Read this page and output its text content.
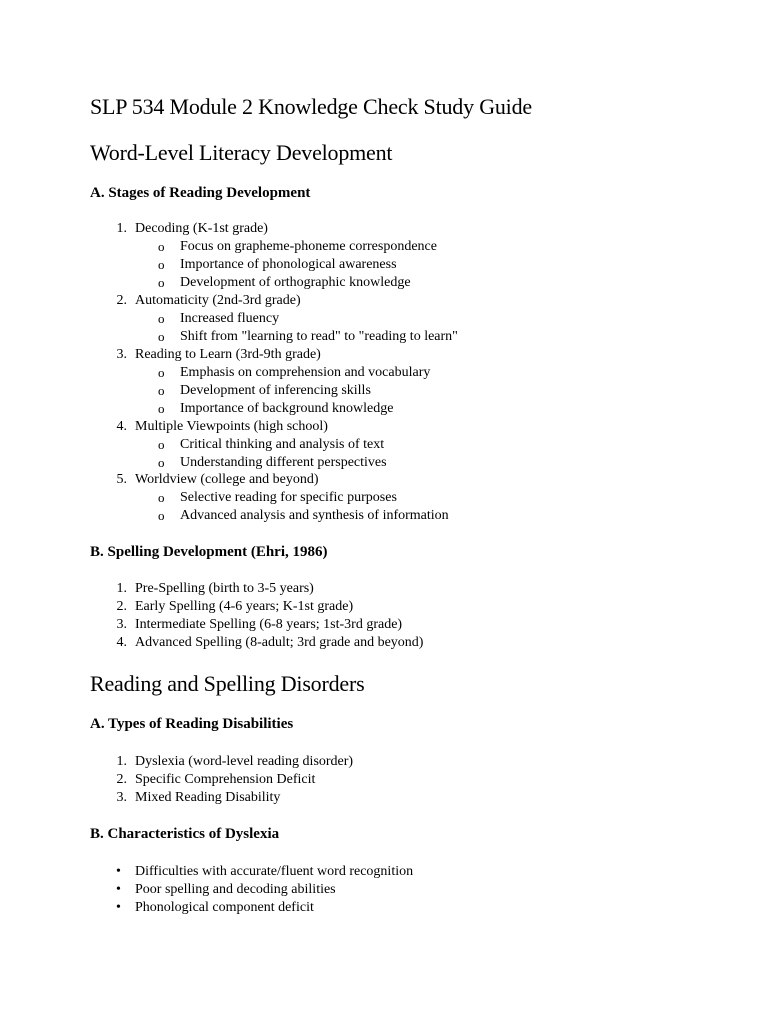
SLP 534 Module 2 Knowledge Check Study Guide
Word-Level Literacy Development
A. Stages of Reading Development
1. Decoding (K-1st grade)
o Focus on grapheme-phoneme correspondence
o Importance of phonological awareness
o Development of orthographic knowledge
2. Automaticity (2nd-3rd grade)
o Increased fluency
o Shift from "learning to read" to "reading to learn"
3. Reading to Learn (3rd-9th grade)
o Emphasis on comprehension and vocabulary
o Development of inferencing skills
o Importance of background knowledge
4. Multiple Viewpoints (high school)
o Critical thinking and analysis of text
o Understanding different perspectives
5. Worldview (college and beyond)
o Selective reading for specific purposes
o Advanced analysis and synthesis of information
B. Spelling Development (Ehri, 1986)
1. Pre-Spelling (birth to 3-5 years)
2. Early Spelling (4-6 years; K-1st grade)
3. Intermediate Spelling (6-8 years; 1st-3rd grade)
4. Advanced Spelling (8-adult; 3rd grade and beyond)
Reading and Spelling Disorders
A. Types of Reading Disabilities
1. Dyslexia (word-level reading disorder)
2. Specific Comprehension Deficit
3. Mixed Reading Disability
B. Characteristics of Dyslexia
• Difficulties with accurate/fluent word recognition
• Poor spelling and decoding abilities
• Phonological component deficit
